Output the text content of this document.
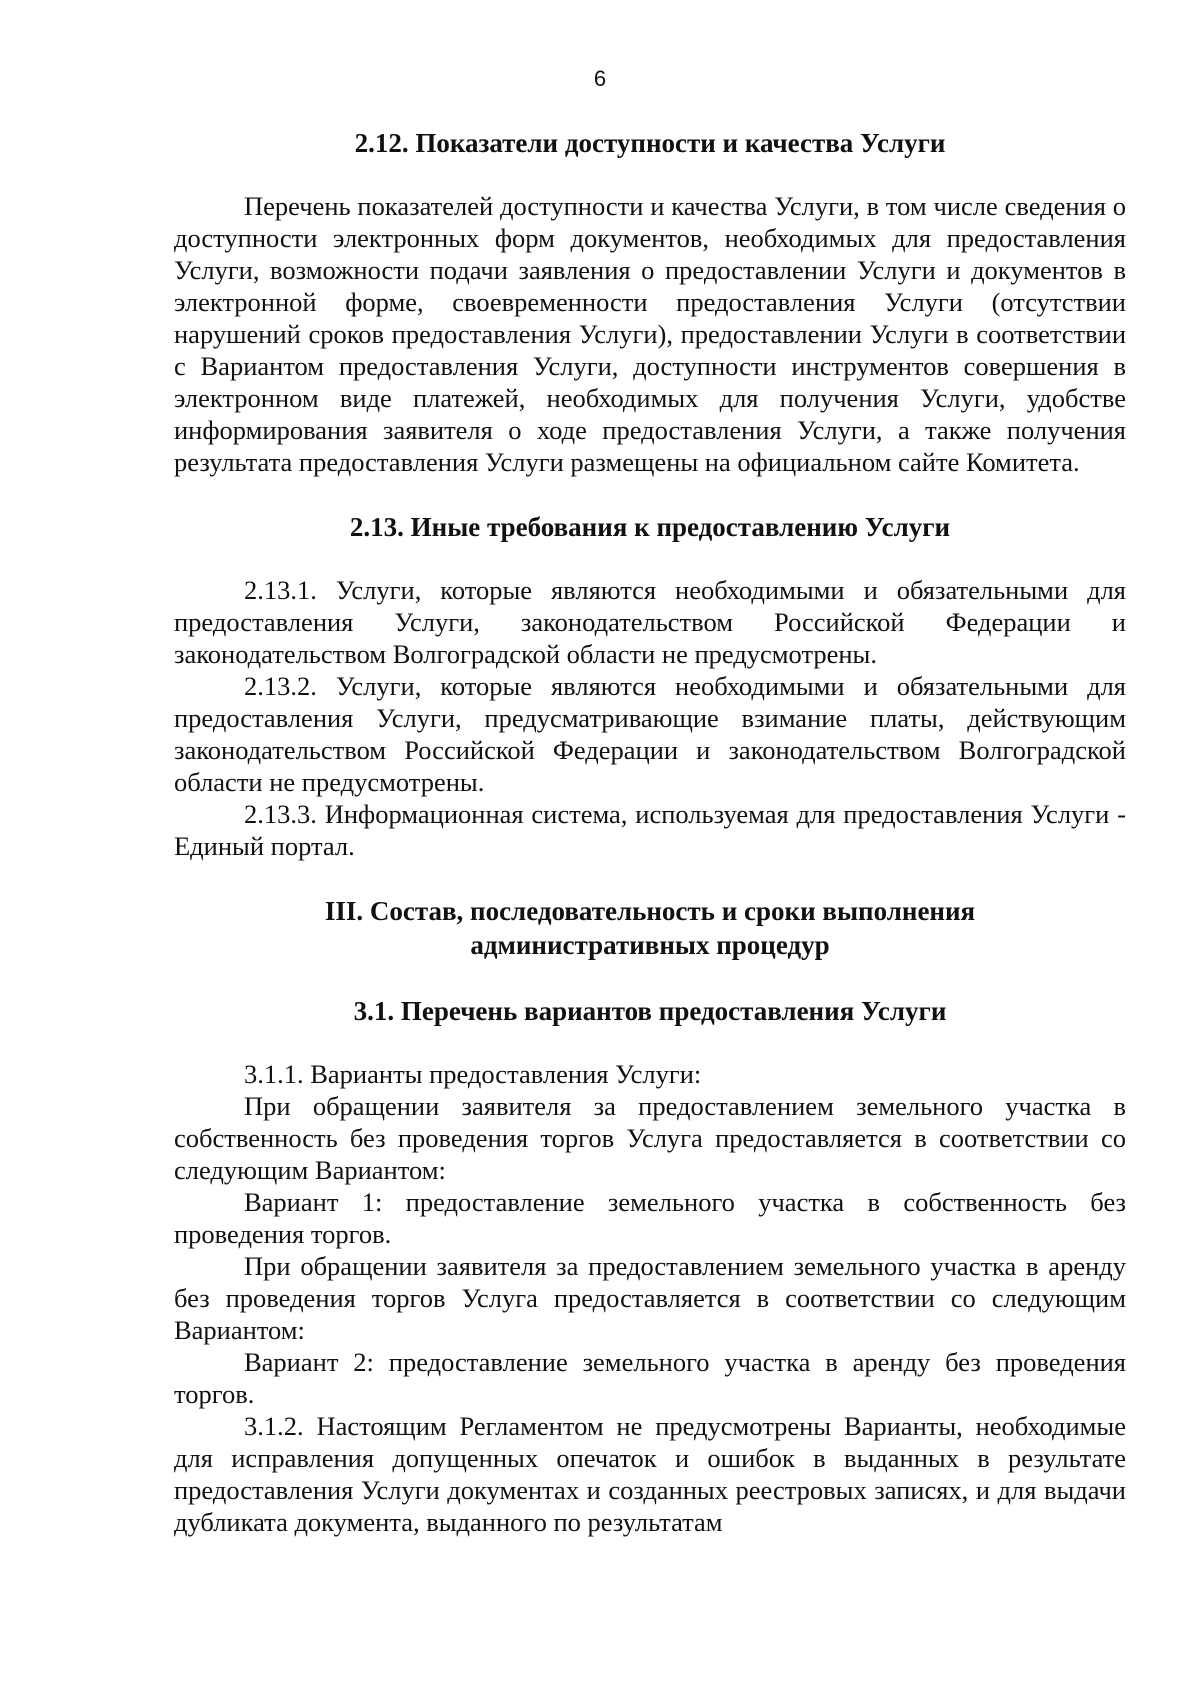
6
2.12. Показатели доступности и качества Услуги

Перечень показателей доступности и качества Услуги, в том числе сведения о доступности электронных форм документов, необходимых для предоставления Услуги, возможности подачи заявления о предоставлении Услуги и документов в электронной форме, своевременности предоставления Услуги (отсутствии нарушений сроков предоставления Услуги), предоставлении Услуги в соответствии с Вариантом предоставления Услуги, доступности инструментов совершения в электронном виде платежей, необходимых для получения Услуги, удобстве информирования заявителя о ходе предоставления Услуги, а также получения результата предоставления Услуги размещены на официальном сайте Комитета.

2.13. Иные требования к предоставлению Услуги

2.13.1. Услуги, которые являются необходимыми и обязательными для предоставления Услуги, законодательством Российской Федерации и законодательством Волгоградской области не предусмотрены.

2.13.2. Услуги, которые являются необходимыми и обязательными для предоставления Услуги, предусматривающие взимание платы, действующим законодательством Российской Федерации и законодательством Волгоградской области не предусмотрены.

2.13.3. Информационная система, используемая для предоставления Услуги - Единый портал.

III. Состав, последовательность и сроки выполнения
административных процедур
3.1. Перечень вариантов предоставления Услуги

3.1.1. Варианты предоставления Услуги:

При обращении заявителя за предоставлением земельного участка в собственность без проведения торгов Услуга предоставляется в соответствии со следующим Вариантом:

Вариант 1: предоставление земельного участка в собственность без проведения торгов.

При обращении заявителя за предоставлением земельного участка в аренду без проведения торгов Услуга предоставляется в соответствии со следующим Вариантом:

Вариант 2: предоставление земельного участка в аренду без проведения торгов.

3.1.2. Настоящим Регламентом не предусмотрены Варианты, необходимые для исправления допущенных опечаток и ошибок в выданных в результате предоставления Услуги документах и созданных реестровых записях, и для выдачи дубликата документа, выданного по результатам
